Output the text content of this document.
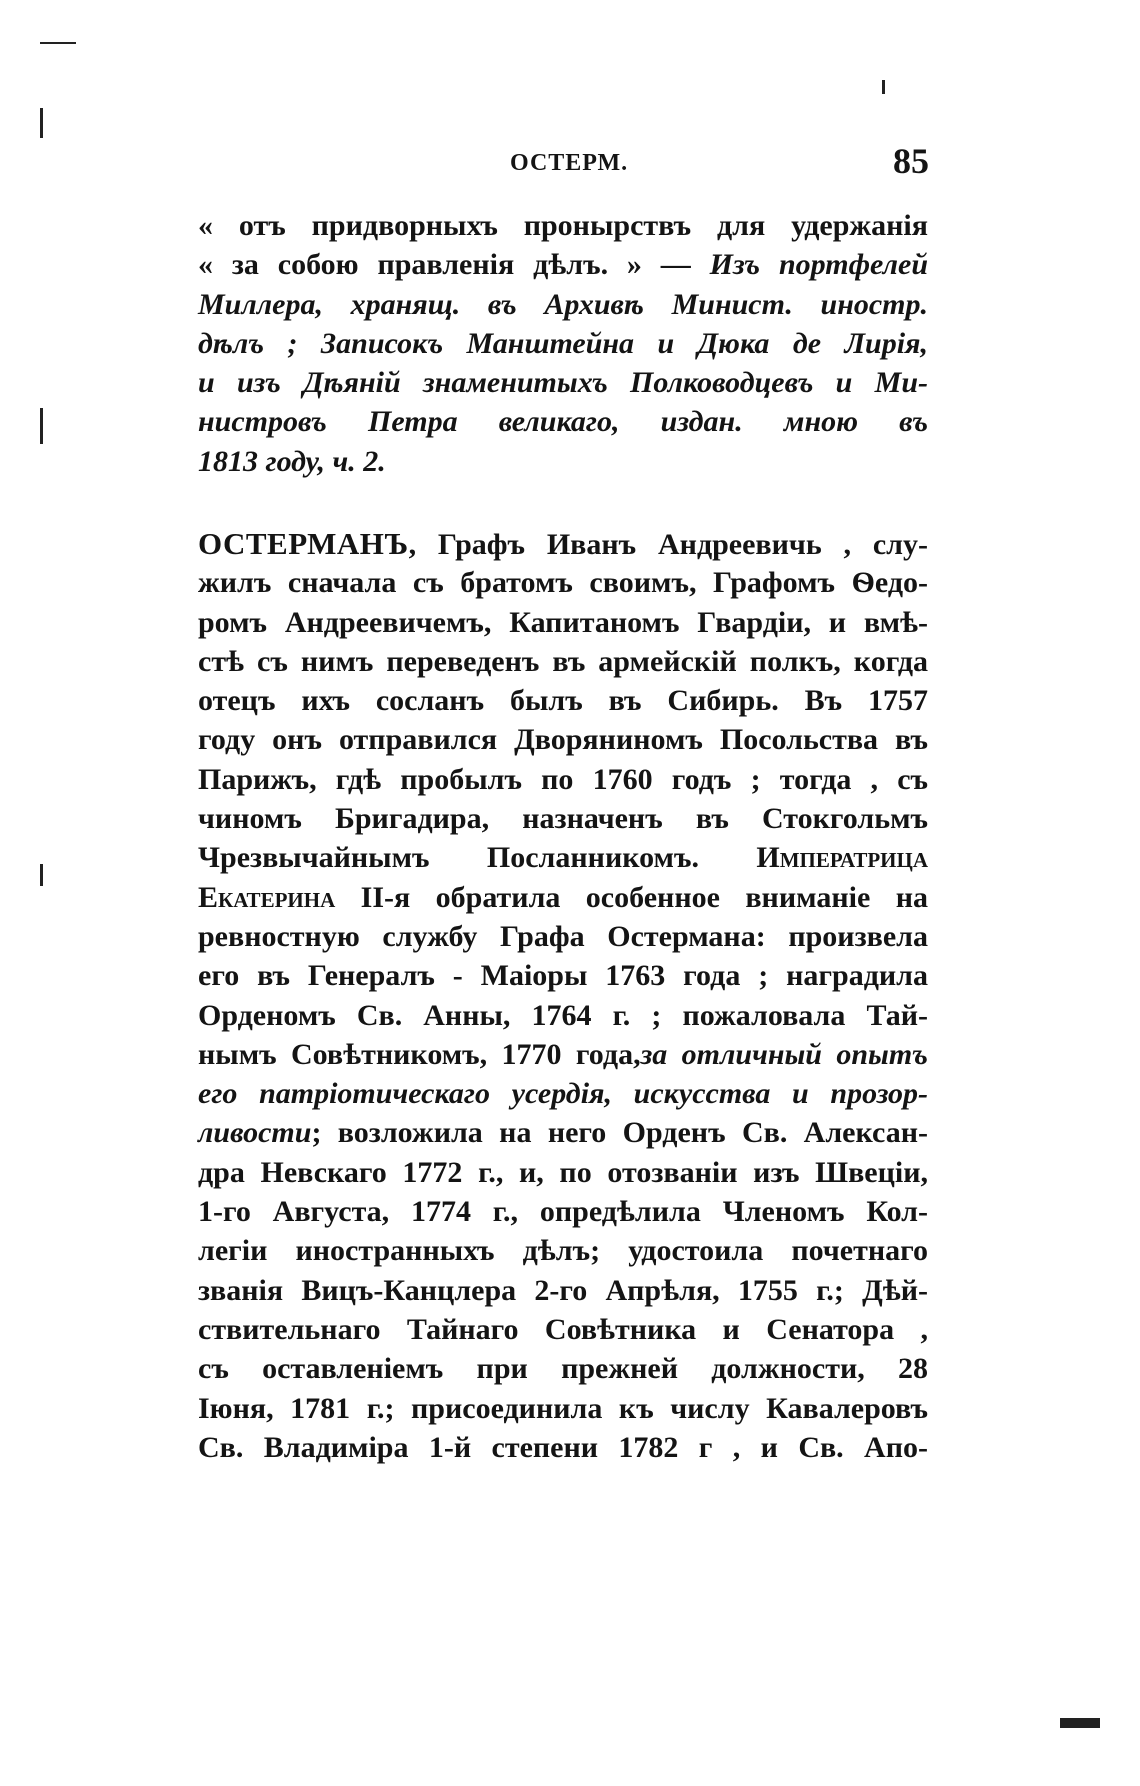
ОСТЕРМ.	85
« отъ придворныхъ пронырствъ для удержанія
« за собою правленія дѣлъ. » — Изъ портфелей
Миллера, хранящ. въ Архивѣ Минист. иностр.
дѣлъ ; Записокъ Манштейна и Дюка де Лирія,
и изъ Дѣяній знаменитыхъ Полководцевъ и Ми-
нистровъ Петра великаго, издан. мною въ
1813 году, ч. 2.
ОСТЕРМАНЪ, Графъ Иванъ Андреевичь , слу-
жилъ сначала съ братомъ своимъ, Графомъ Ѳедо-
ромъ Андреевичемъ, Капитаномъ Гвардіи, и вмѣ-
стѣ съ нимъ переведенъ въ армейскій полкъ, когда
отецъ ихъ сосланъ былъ въ Сибирь. Въ 1757
году онъ отправился Дворяниномъ Посольства въ
Парижъ, гдѣ пробылъ по 1760 годъ ; тогда , съ
чиномъ Бригадира, назначенъ въ Стокгольмъ
Чрезвычайнымъ Посланникомъ. Императрица
Екатерина ІІ-я обратила особенное вниманіе на
ревностную службу Графа Остермана: произвела
его въ Генералъ - Маіоры 1763 года ; наградила
Орденомъ Св. Анны, 1764 г. ; пожаловала Тай-
нымъ Совѣтникомъ, 1770 года,за отличный опытъ
его патріотическаго усердія, искусства и прозор-
ливости; возложила на него Орденъ Св. Алексан-
дра Невскаго 1772 г., и, по отозваніи изъ Швеціи,
1-го Августа, 1774 г., опредѣлила Членомъ Кол-
легіи иностранныхъ дѣлъ; удостоила почетнаго
званія Вицъ-Канцлера 2-го Апрѣля, 1755 г.; Дѣй-
ствительнаго Тайнаго Совѣтника и Сенатора ,
съ оставленіемъ при прежней должности, 28
Іюня, 1781 г.; присоединила къ числу Кавалеровъ
Св. Владиміра 1-й степени 1782 г , и Св. Апо-
